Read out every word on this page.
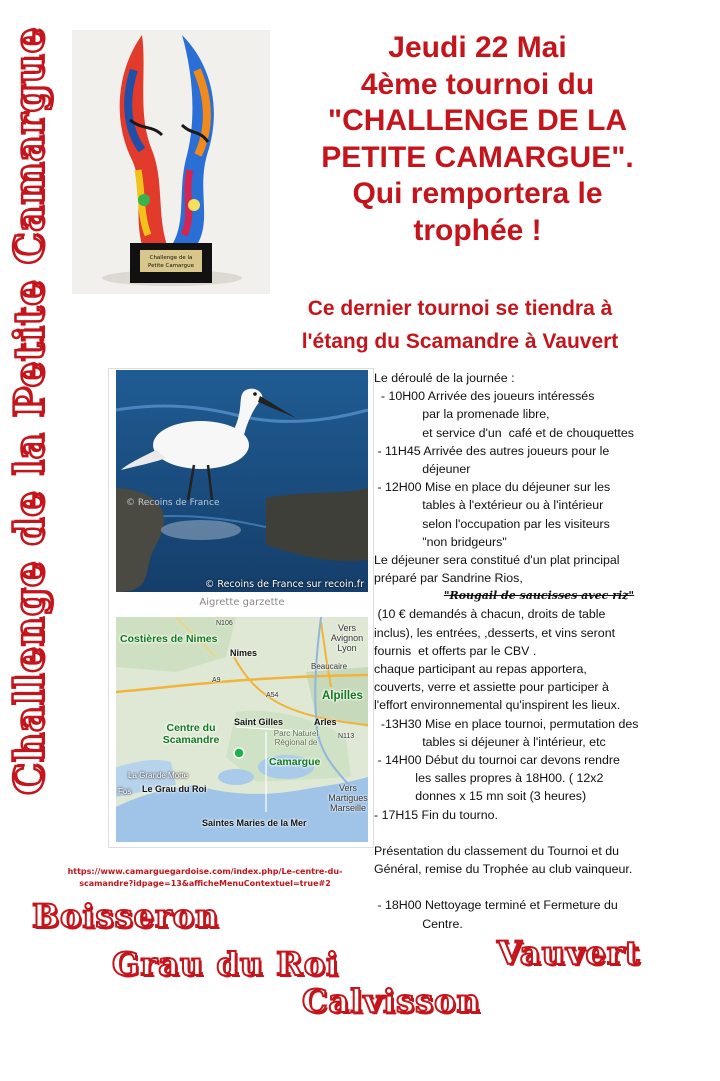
Challenge de la Petite Camargue	Challenge de la
Petite Camargue
Jeudi 22 Mai
4ème tournoi du
"CHALLENGE DE LA
PETITE CAMARGUE".
Qui remportera le
trophée !
Ce dernier tournoi se tiendra à
l'étang du Scamandre à Vauvert
© Recoins de France
© Recoins de France sur recoin.fr
Aigrette garzette
Costières de Nimes
Nimes
Vers Avignon Lyon
Beaucaire
Alpilles
Saint Gilles	Arles
Centre du Scamandre
Parc Naturel Régional de
Camargue
La Grande Motte
Fos Le Grau du Roi	Vers Martigues Marseille
Saintes Maries de la Mer
N106
A9
A54
N113
https://www.camarguegardoise.com/index.php/Le-centre-du-scamandre?idpage=13&afficheMenuContextuel=true#2
Le déroulé de la journée :
- 10H00 Arrivée des joueurs intéressés
par la promenade libre,
et service d'un  café et de chouquettes
- 11H45 Arrivée des autres joueurs pour le
déjeuner
- 12H00 Mise en place du déjeuner sur les
tables à l'extérieur ou à l'intérieur
selon l'occupation par les visiteurs
"non bridgeurs"
Le déjeuner sera constitué d'un plat principal
préparé par Sandrine Rios,
"Rougail de saucisses avec riz"
(10 € demandés à chacun, droits de table
inclus), les entrées, ,desserts, et vins seront
fournis  et offerts par le CBV .
chaque participant au repas apportera,
couverts, verre et assiette pour participer à
l'effort environnemental qu'inspirent les lieux.
-13H30 Mise en place tournoi, permutation des
tables si déjeuner à l'intérieur, etc
- 14H00 Début du tournoi car devons rendre
les salles propres à 18H00. ( 12x2
donnes x 15 mn soit (3 heures)
- 17H15 Fin du tourno.
Présentation du classement du Tournoi et du
Général, remise du Trophée au club vainqueur.
- 18H00 Nettoyage terminé et Fermeture du
Centre.
Boisseron
Grau du Roi	Vauvert
Calvisson
